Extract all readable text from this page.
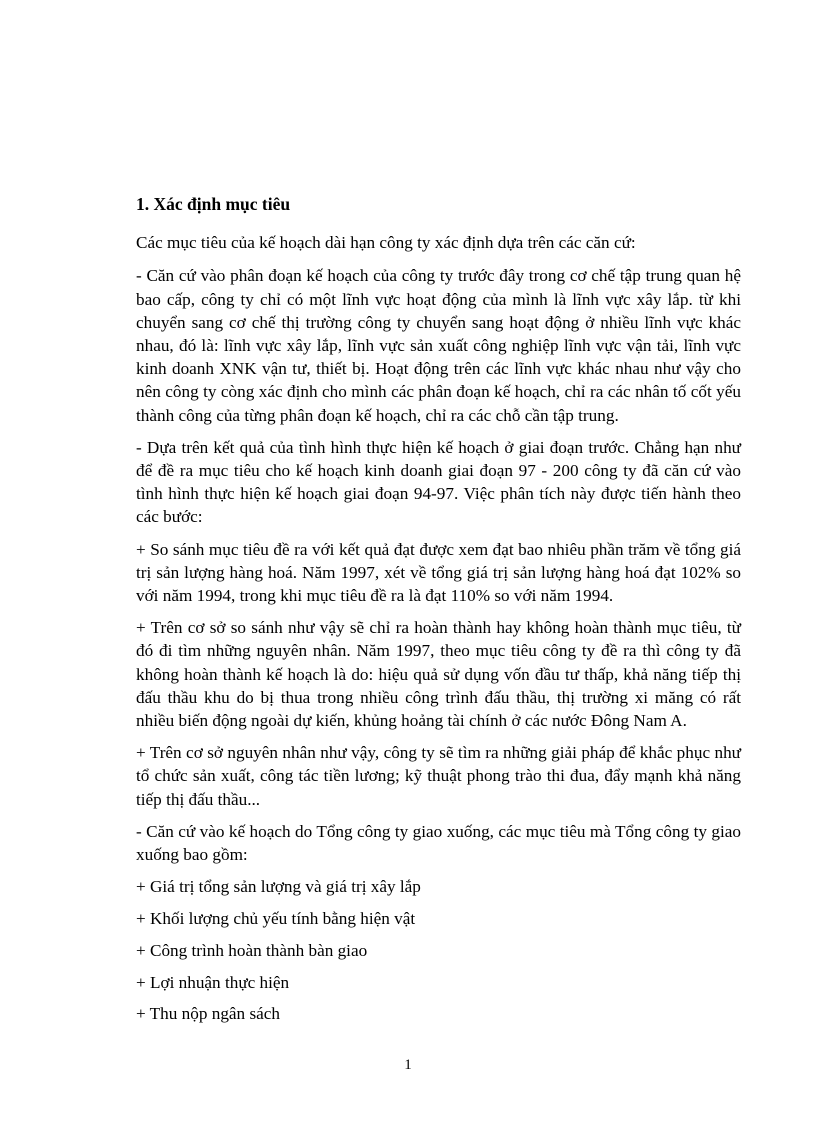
1. Xác định mục tiêu
Các mục tiêu của kế hoạch dài hạn công ty xác định dựa trên các căn cứ:
- Căn cứ vào phân đoạn kế hoạch của công ty trước đây trong cơ chế tập trung quan hệ bao cấp, công ty chỉ có một lĩnh vực hoạt động của mình là lĩnh vực xây lắp. từ khi chuyển sang cơ chế thị trường công ty chuyển sang hoạt động ở nhiều lĩnh vực khác nhau, đó là: lĩnh vực xây lắp, lĩnh vực sản xuất công nghiệp lĩnh vực vận tải, lĩnh vực kinh doanh XNK vận tư, thiết bị. Hoạt động trên các lĩnh vực khác nhau như vậy cho nên công ty còng xác định cho mình các phân đoạn kế hoạch, chỉ ra các nhân tố cốt yếu thành công của từng phân đoạn kế hoạch, chỉ ra các chỗ cần tập trung.
- Dựa trên kết quả của tình hình thực hiện kế hoạch ở giai đoạn trước. Chẳng hạn như để đề ra mục tiêu cho kế hoạch kinh doanh giai đoạn 97 - 200 công ty đã căn cứ vào tình hình thực hiện kế hoạch giai đoạn 94-97. Việc phân tích này được tiến hành theo các bước:
+ So sánh mục tiêu đề ra với kết quả đạt được xem đạt bao nhiêu phần trăm về tổng giá trị sản lượng hàng hoá. Năm 1997, xét về tổng giá trị sản lượng hàng hoá đạt 102% so với năm 1994, trong khi mục tiêu đề ra là đạt 110% so với năm 1994.
+ Trên cơ sở so sánh như vậy sẽ chỉ ra hoàn thành hay không hoàn thành mục tiêu, từ đó đi tìm những nguyên nhân. Năm 1997, theo mục tiêu công ty đề ra thì công ty đã không hoàn thành kế hoạch là do: hiệu quả sử dụng vốn đầu tư thấp, khả năng tiếp thị đấu thầu khu do bị thua trong nhiều công trình đấu thầu, thị trường xi măng có rất nhiều biến động ngoài dự kiến, khủng hoảng tài chính ở các nước Đông Nam A.
+ Trên cơ sở nguyên nhân như vậy, công ty sẽ tìm ra những giải pháp để khắc phục như tổ chức sản xuất, công tác tiền lương; kỹ thuật phong trào thi đua, đẩy mạnh khả năng tiếp thị đấu thầu...
- Căn cứ vào kế hoạch do Tổng công ty giao xuống, các mục tiêu mà Tổng công ty giao xuống bao gồm:
+ Giá trị tổng sản lượng và giá trị xây lắp
+ Khối lượng chủ yếu tính bằng hiện vật
+ Công trình hoàn thành bàn giao
+ Lợi nhuận thực hiện
+ Thu nộp ngân sách
1
